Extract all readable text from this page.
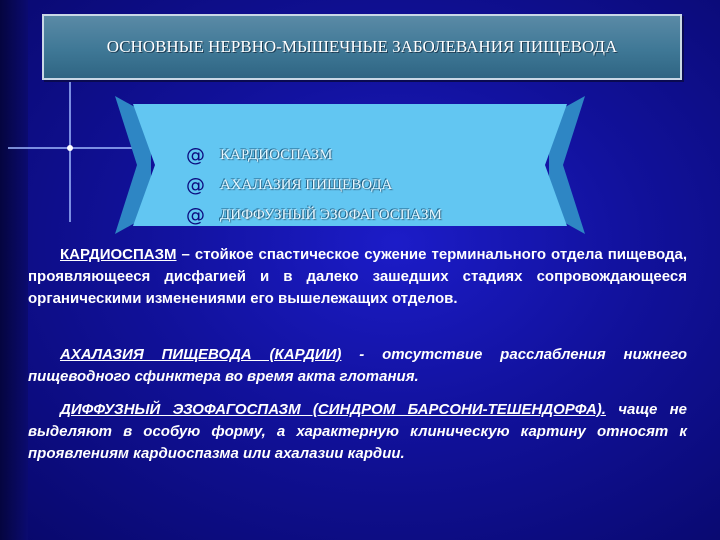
ОСНОВНЫЕ НЕРВНО-МЫШЕЧНЫЕ ЗАБОЛЕВАНИЯ ПИЩЕВОДА
@	КАРДИОСПАЗМ
@	АХАЛАЗИЯ ПИЩЕВОДА
@	ДИФФУЗНЫЙ ЭЗОФАГОСПАЗМ
КАРДИОСПАЗМ – стойкое спастическое сужение терминального отдела пищевода, проявляющееся дисфагией и в далеко зашедших стадиях сопровождающееся органическими изменениями его вышележащих отделов.
АХАЛАЗИЯ ПИЩЕВОДА (КАРДИИ) - отсутствие расслабления нижнего пищеводного сфинктера во время акта глотания.
ДИФФУЗНЫЙ ЭЗОФАГОСПАЗМ (СИНДРОМ БАРСОНИ-ТЕШЕНДОРФА). чаще не выделяют в особую форму, а характерную клиническую картину относят к проявлениям кардиоспазма или ахалазии кардии.
